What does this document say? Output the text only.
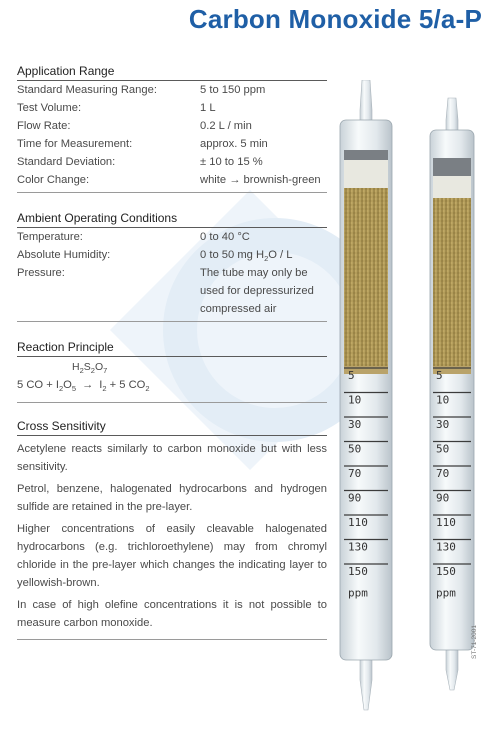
Carbon Monoxide 5/a-P
Application Range
Standard Measuring Range:	5 to 150 ppm
Test Volume:	1 L
Flow Rate:	0.2 L / min
Time for Measurement:	approx. 5 min
Standard Deviation:	± 10 to 15 %
Color Change:	white → brownish-green
Ambient Operating Conditions
Temperature:	0 to 40 °C
Absolute Humidity:	0 to 50 mg $H_2O$ / L
Pressure:	The tube may only be
used for depressurized
compressed air
Reaction Principle
$H_2S_2O_7$
5 CO + $I_2O_5 \to I_2 + 5$ $CO_2$
Cross Sensitivity

Acetylene reacts similarly to carbon monoxide but with less sensitivity.

Petrol, benzene, halogenated hydrocarbons and hydrogen sulfide are retained in the pre-layer.

Higher concentrations of easily cleavable halogenated hydrocarbons (e.g. trichloroethylene) may from chromyl chloride in the pre-layer which changes the indicating layer to yellowish-brown.

In case of high olefine concentrations it is not possible to measure carbon monoxide.

5
10
30
50
70
90
110
130
150
ppm
5
10
30
50
70
90
110
130
150
ppm
ST-71-2001
